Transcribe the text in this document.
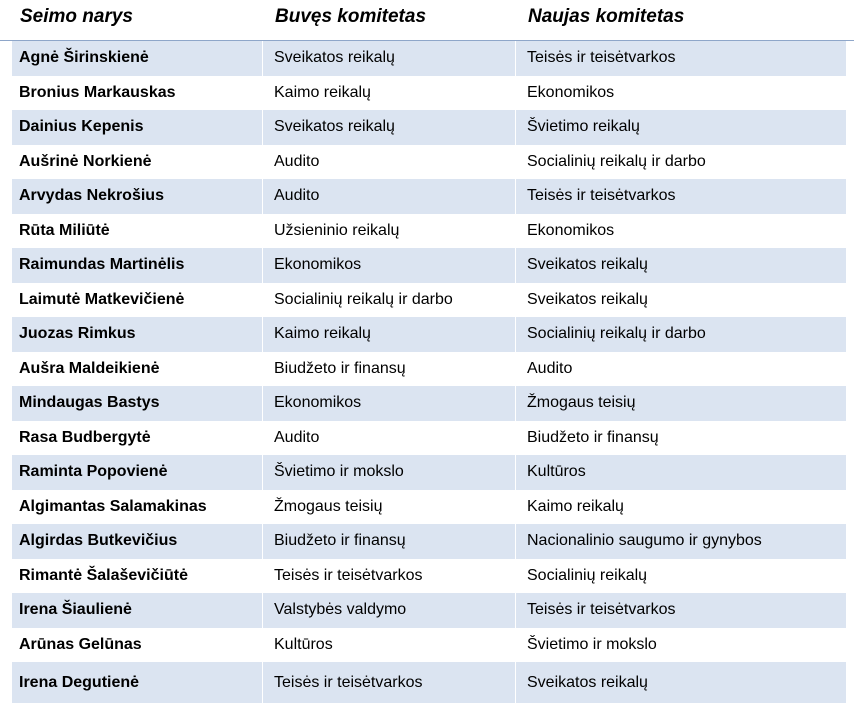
Seimo narys	Buvęs komitetas	Naujas komitetas
Agnė Širinskienė	Sveikatos reikalų	Teisės ir teisėtvarkos
Bronius Markauskas	Kaimo reikalų	Ekonomikos
Dainius Kepenis	Sveikatos reikalų	Švietimo reikalų
Aušrinė Norkienė	Audito	Socialinių reikalų ir darbo
Arvydas Nekrošius	Audito	Teisės ir teisėtvarkos
Rūta Miliūtė	Užsieninio reikalų	Ekonomikos
Raimundas Martinėlis	Ekonomikos	Sveikatos reikalų
Laimutė Matkevičienė	Socialinių reikalų ir darbo	Sveikatos reikalų
Juozas Rimkus	Kaimo reikalų	Socialinių reikalų ir darbo
Aušra Maldeikienė	Biudžeto ir finansų	Audito
Mindaugas Bastys	Ekonomikos	Žmogaus teisių
Rasa Budbergytė	Audito	Biudžeto ir finansų
Raminta Popovienė	Švietimo ir mokslo	Kultūros
Algimantas Salamakinas	Žmogaus teisių	Kaimo reikalų
Algirdas Butkevičius	Biudžeto ir finansų	Nacionalinio saugumo ir gynybos
Rimantė Šalaševičiūtė	Teisės ir teisėtvarkos	Socialinių reikalų
Irena Šiaulienė	Valstybės valdymo	Teisės ir teisėtvarkos
Arūnas Gelūnas	Kultūros	Švietimo ir mokslo
Irena Degutienė	Teisės ir teisėtvarkos	Sveikatos reikalų
